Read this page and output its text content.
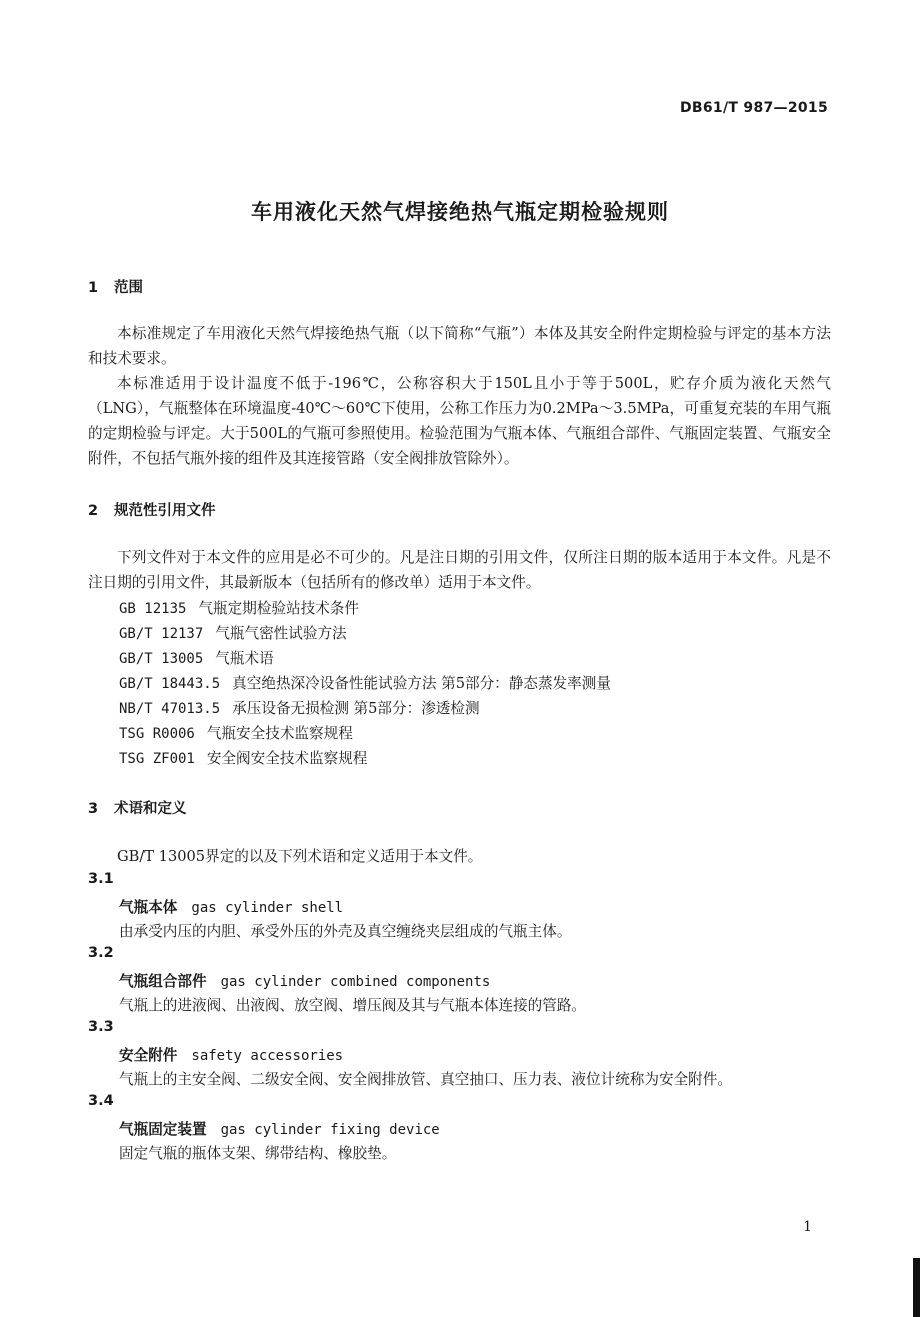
DB61/T 987—2015
车用液化天然气焊接绝热气瓶定期检验规则
1 范围
本标准规定了车用液化天然气焊接绝热气瓶（以下简称“气瓶”）本体及其安全附件定期检验与评定的基本方法和技术要求。
本标准适用于设计温度不低于-196℃，公称容积大于150L且小于等于500L，贮存介质为液化天然气（LNG），气瓶整体在环境温度-40℃～60℃下使用，公称工作压力为0.2MPa～3.5MPa，可重复充装的车用气瓶的定期检验与评定。大于500L的气瓶可参照使用。检验范围为气瓶本体、气瓶组合部件、气瓶固定装置、气瓶安全附件，不包括气瓶外接的组件及其连接管路（安全阀排放管除外）。
2 规范性引用文件
下列文件对于本文件的应用是必不可少的。凡是注日期的引用文件，仅所注日期的版本适用于本文件。凡是不注日期的引用文件，其最新版本（包括所有的修改单）适用于本文件。
GB 12135 气瓶定期检验站技术条件
GB/T 12137 气瓶气密性试验方法
GB/T 13005 气瓶术语
GB/T 18443.5 真空绝热深冷设备性能试验方法 第5部分：静态蒸发率测量
NB/T 47013.5 承压设备无损检测 第5部分：渗透检测
TSG R0006 气瓶安全技术监察规程
TSG ZF001 安全阀安全技术监察规程
3 术语和定义
GB/T 13005界定的以及下列术语和定义适用于本文件。
3.1
气瓶本体 gas cylinder shell
由承受内压的内胆、承受外压的外壳及真空缠绕夹层组成的气瓶主体。
3.2
气瓶组合部件 gas cylinder combined components
气瓶上的进液阀、出液阀、放空阀、增压阀及其与气瓶本体连接的管路。
3.3
安全附件 safety accessories
气瓶上的主安全阀、二级安全阀、安全阀排放管、真空抽口、压力表、液位计统称为安全附件。
3.4
气瓶固定装置 gas cylinder fixing device
固定气瓶的瓶体支架、绑带结构、橡胶垫。
1
